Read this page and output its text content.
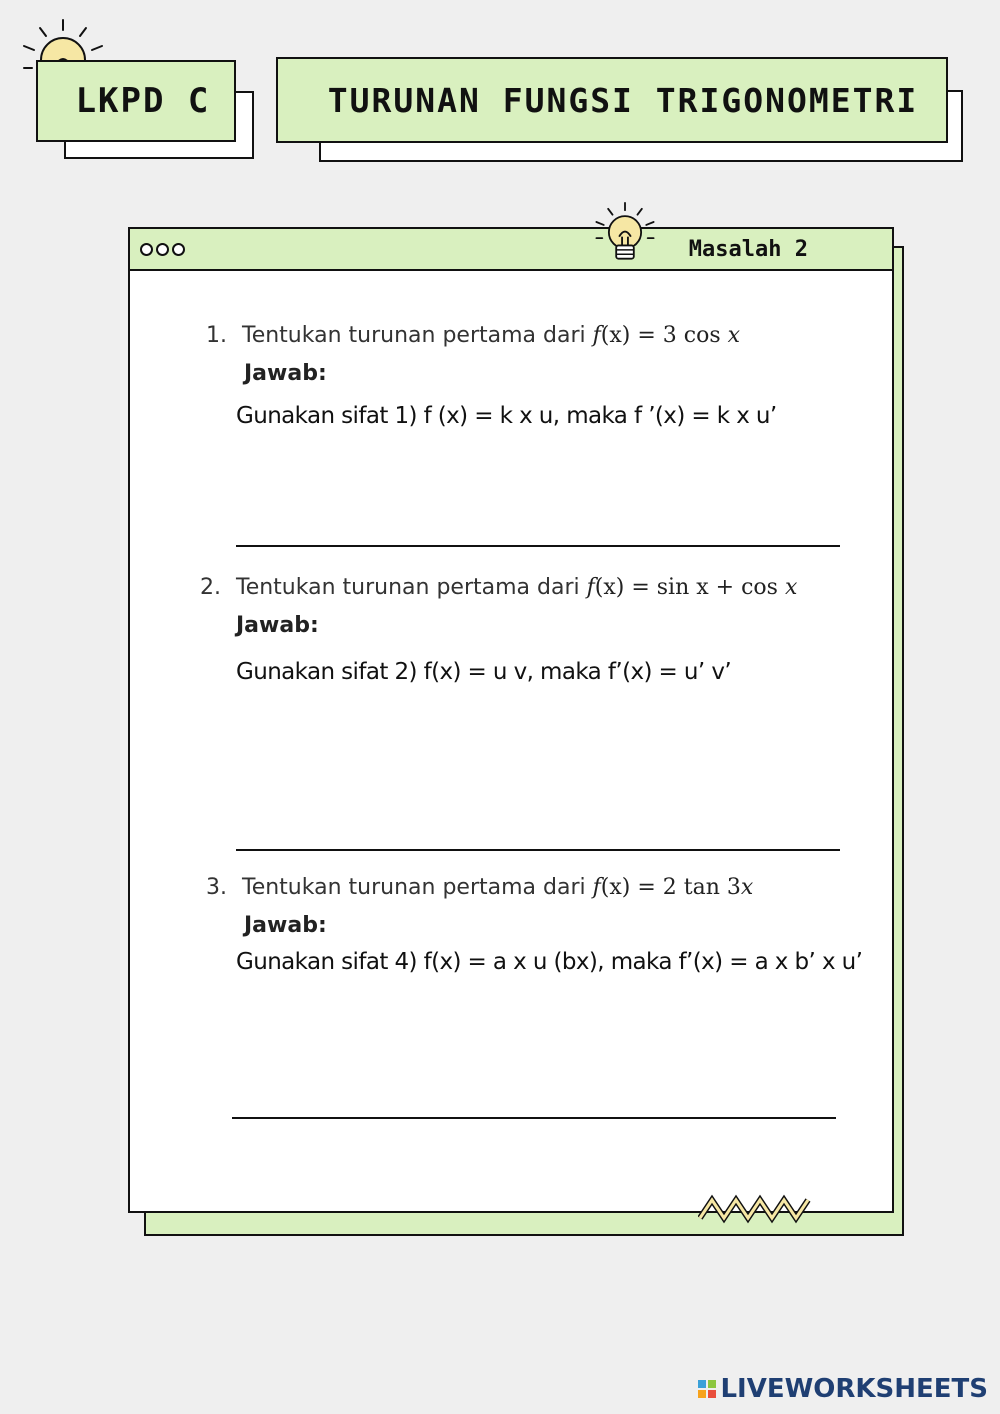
LKPD C	TURUNAN FUNGSI TRIGONOMETRI
Masalah 2
1. Tentukan turunan pertama dari f(x) = 3 cos x
Jawab:
Gunakan sifat 1) f (x) = k x u, maka f ’(x) = k x u’
2. Tentukan turunan pertama dari f(x) = sin x + cos x
Jawab:
Gunakan sifat 2) f(x) = u v, maka f’(x) = u’ v’
3. Tentukan turunan pertama dari f(x) = 2 tan 3x
Jawab:
Gunakan sifat 4) f(x) = a x u (bx), maka f’(x) = a x b’ x u’
LIVEWORKSHEETS
